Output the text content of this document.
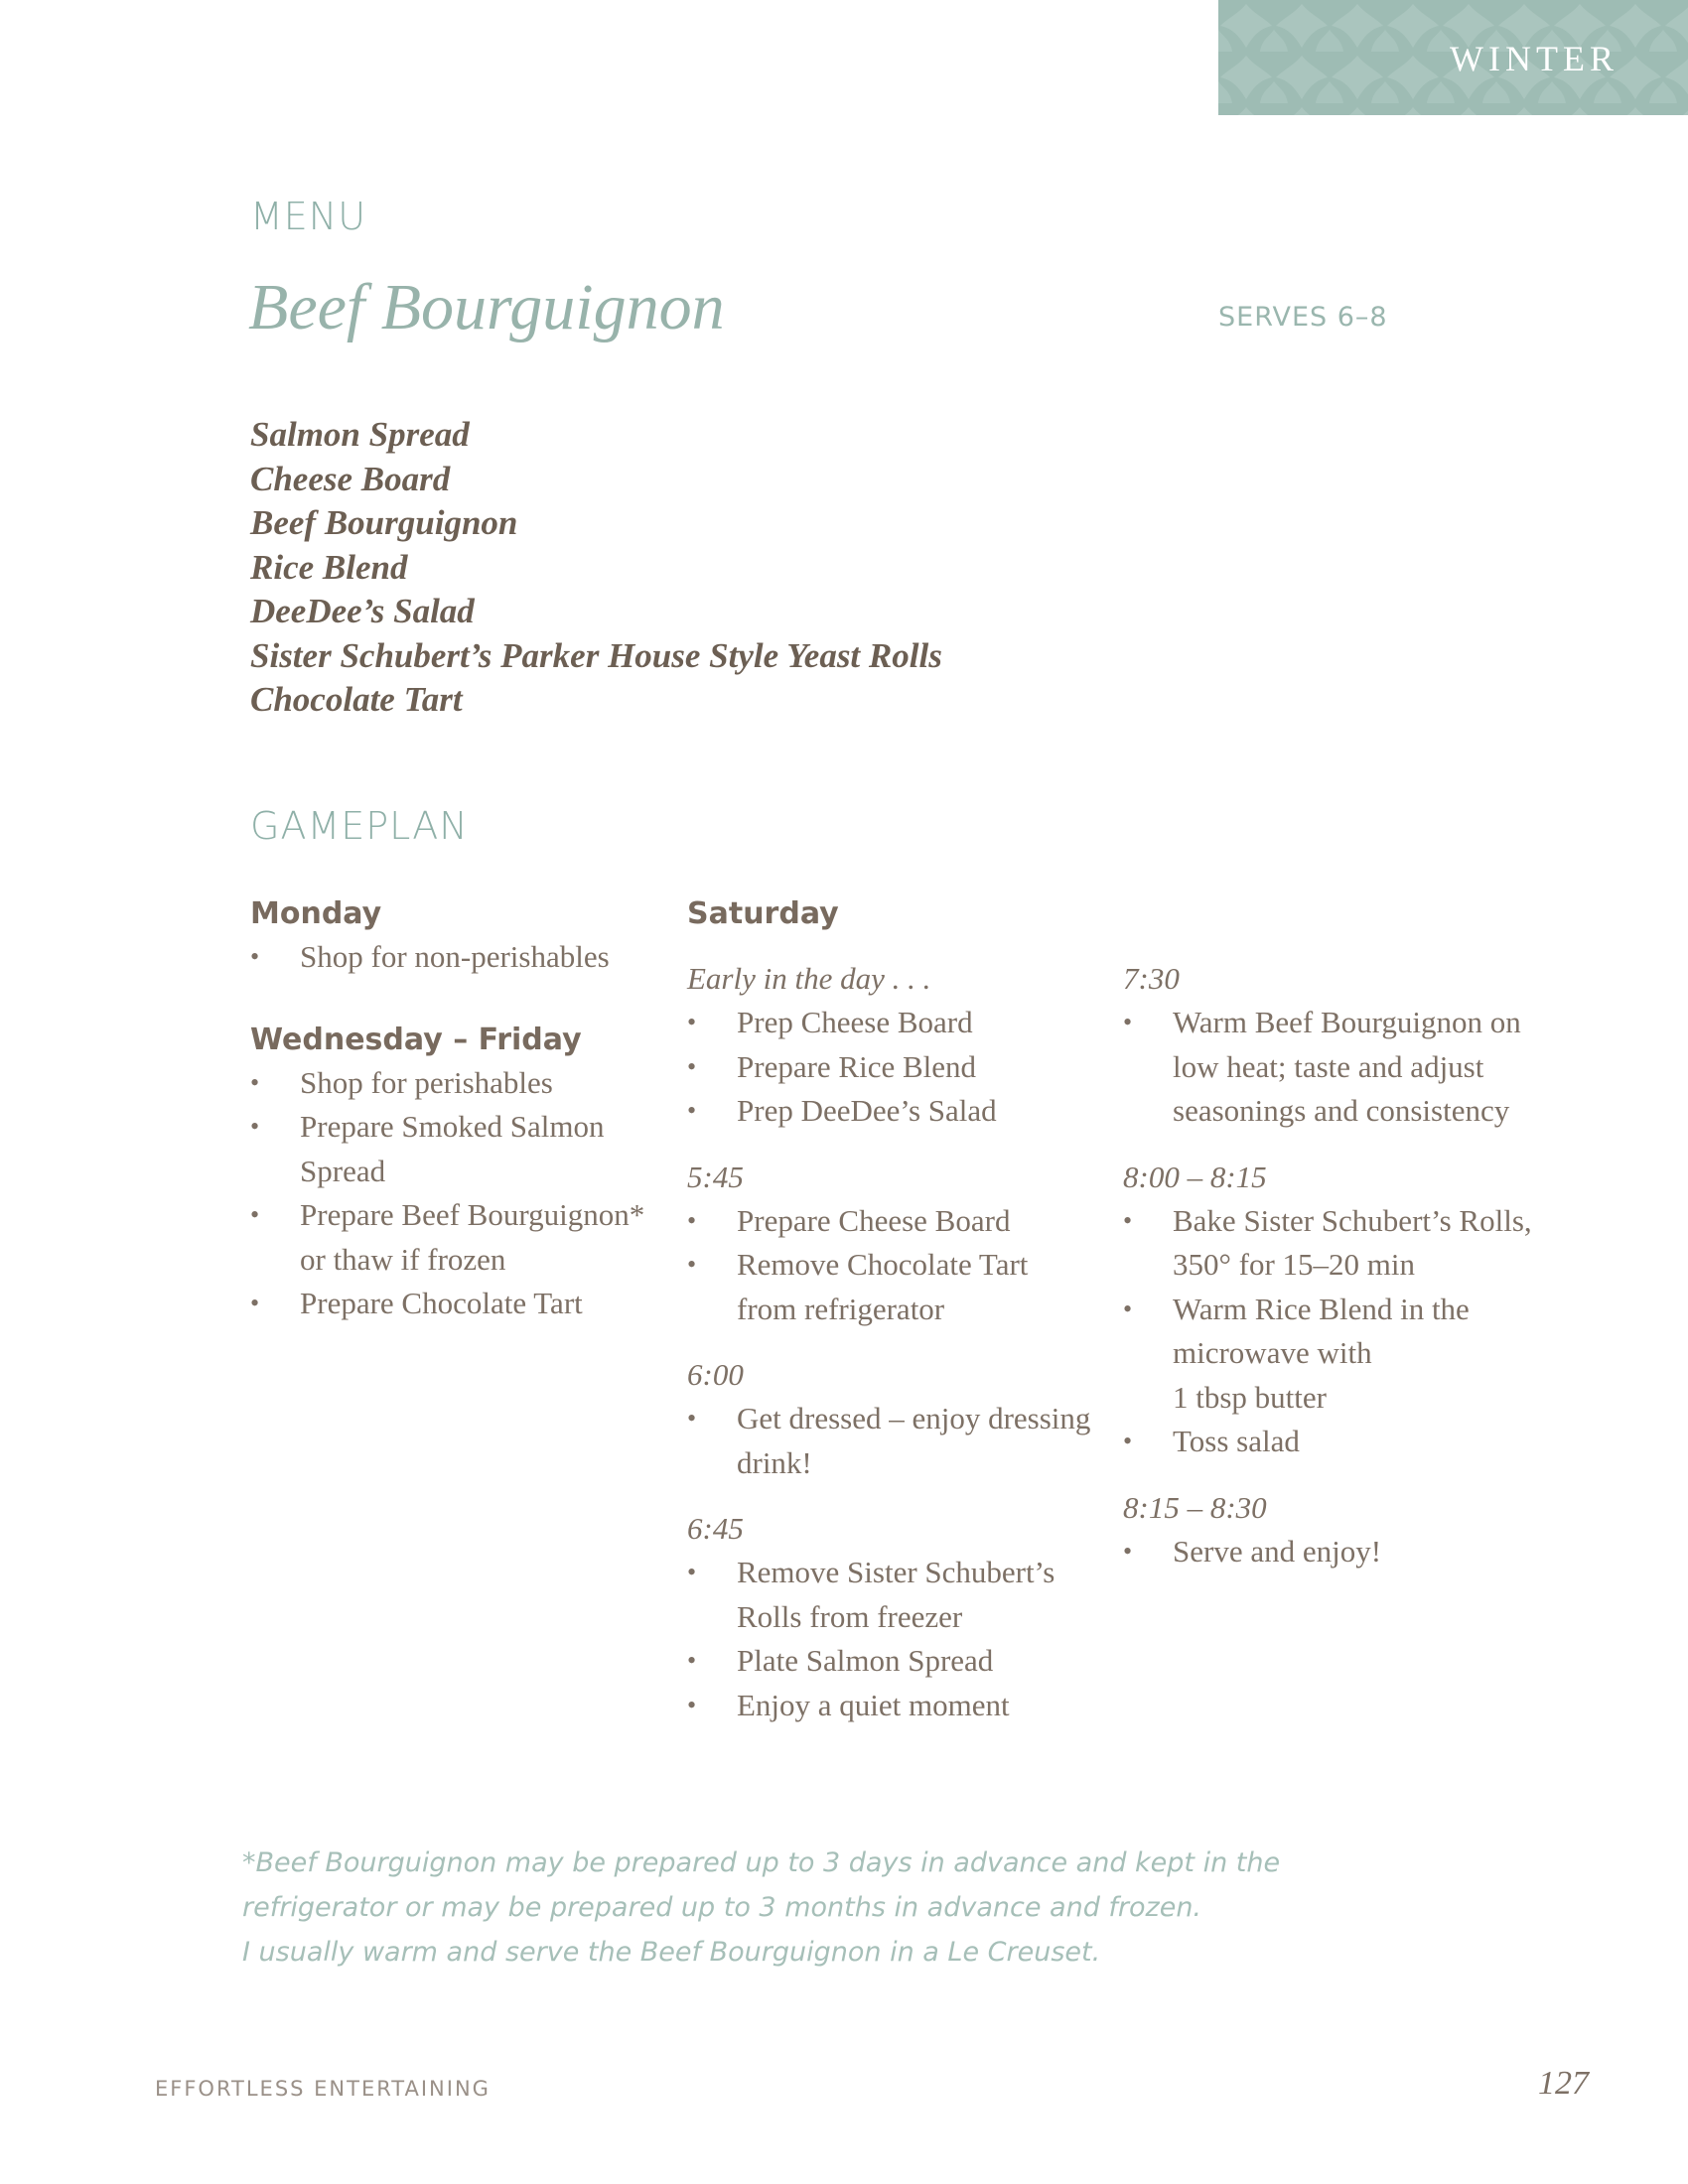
WINTER
MENU
Beef Bourguignon	SERVES 6–8
Salmon Spread
Cheese Board
Beef Bourguignon
Rice Blend
DeeDee’s Salad
Sister Schubert’s Parker House Style Yeast Rolls
Chocolate Tart
GAMEPLAN

Monday

• Shop for non-perishables

Wednesday – Friday

• Shop for perishables
• Prepare Smoked Salmon
Spread
• Prepare Beef Bourguignon*
or thaw if frozen
• Prepare Chocolate Tart

Saturday

Early in the day . . .

• Prep Cheese Board
• Prepare Rice Blend
• Prep DeeDee’s Salad

5:45

• Prepare Cheese Board
• Remove Chocolate Tart
from refrigerator

6:00

• Get dressed – enjoy dressing
drink!

6:45

• Remove Sister Schubert’s
Rolls from freezer
• Plate Salmon Spread
• Enjoy a quiet moment

7:30

• Warm Beef Bourguignon on
low heat; taste and adjust
seasonings and consistency

8:00 – 8:15

• Bake Sister Schubert’s Rolls,
350° for 15–20 min
• Warm Rice Blend in the
microwave with
1 tbsp butter
• Toss salad

8:15 – 8:30

• Serve and enjoy!
*Beef Bourguignon may be prepared up to 3 days in advance and kept in the
refrigerator or may be prepared up to 3 months in advance and frozen.
I usually warm and serve the Beef Bourguignon in a Le Creuset.
EFFORTLESS ENTERTAINING	127
